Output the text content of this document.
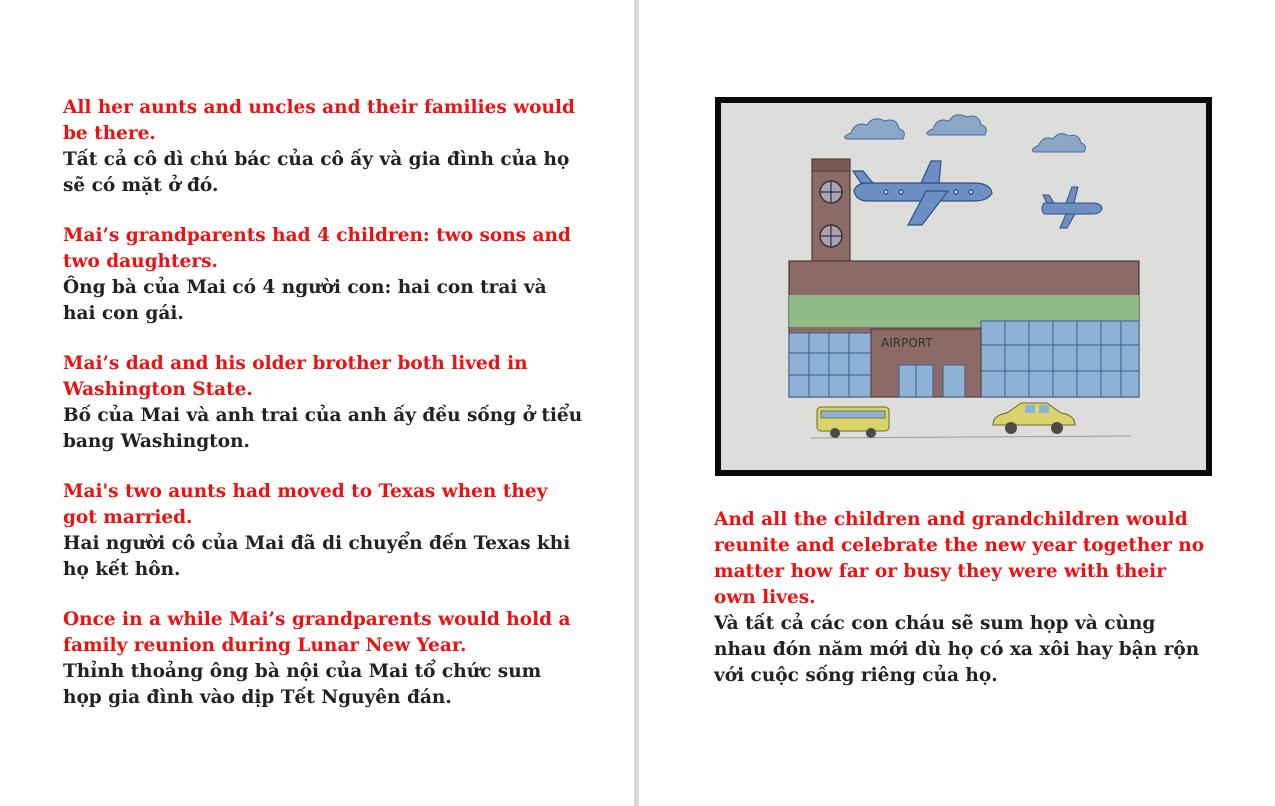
All her aunts and uncles and their families would be there.
Tất cả cô dì chú bác của cô ấy và gia đình của họ sẽ có mặt ở đó.

Mai’s grandparents had 4 children: two sons and two daughters.
Ông bà của Mai có 4 người con: hai con trai và hai con gái.

Mai’s dad and his older brother both lived in Washington State.
Bố của Mai và anh trai của anh ấy đều sống ở tiểu bang Washington.

Mai's two aunts had moved to Texas when they got married.
Hai người cô của Mai đã di chuyển đến Texas khi họ kết hôn.

Once in a while Mai’s grandparents would hold a family reunion during Lunar New Year.
Thỉnh thoảng ông bà nội của Mai tổ chức sum họp gia đình vào dịp Tết Nguyên đán.

AIRPORT

And all the children and grandchildren would reunite and celebrate the new year together no matter how far or busy they were with their own lives.
Và tất cả các con cháu sẽ sum họp và cùng nhau đón năm mới dù họ có xa xôi hay bận rộn với cuộc sống riêng của họ.
